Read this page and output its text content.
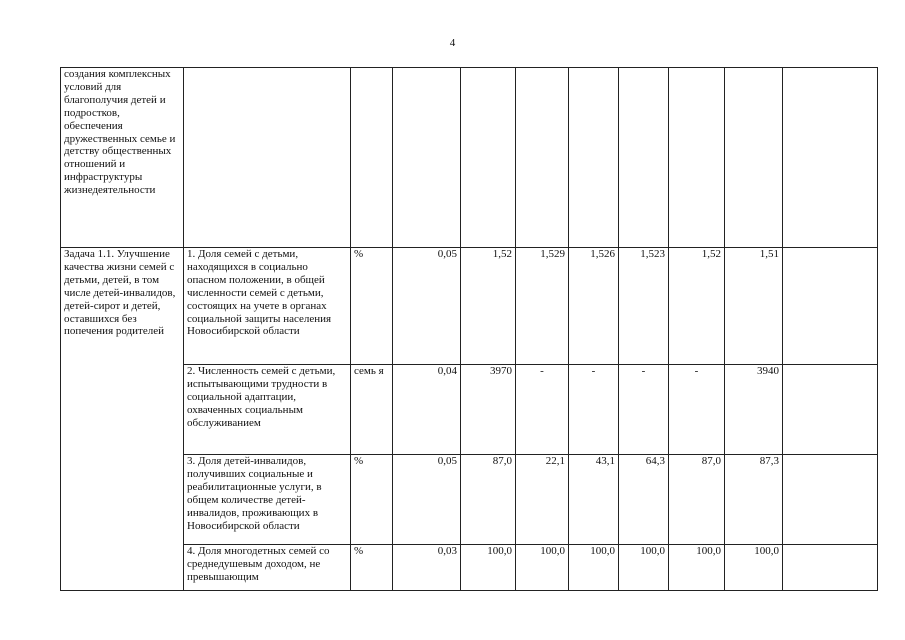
4
создания комплексных условий для благополучия детей и подростков, обеспечения дружественных семье и детству общественных отношений и инфраструктуры жизнедеятельности										

Задача 1.1. Улучшение качества жизни семей с детьми, детей, в том числе детей-инвалидов, детей-сирот и детей, оставшихся без попечения родителей	1. Доля семей с детьми, находящихся в социально опасном положении, в общей численности семей с детьми, состоящих на учете в органах социальной защиты населения Новосибирской области	%	0,05	1,52	1,529	1,526	1,523	1,52	1,51	
	2. Численность семей с детьми, испытывающими трудности в социальной адаптации, охваченных социальным обслуживанием	семь я	0,04	3970	-	-	-	-	3940	
	3. Доля детей-инвалидов, получивших социальные и реабилитационные услуги, в общем количестве детей-инвалидов, проживающих в Новосибирской области	%	0,05	87,0	22,1	43,1	64,3	87,0	87,3	
	4. Доля многодетных семей со среднедушевым доходом, не превышающим	%	0,03	100,0	100,0	100,0	100,0	100,0	100,0	
